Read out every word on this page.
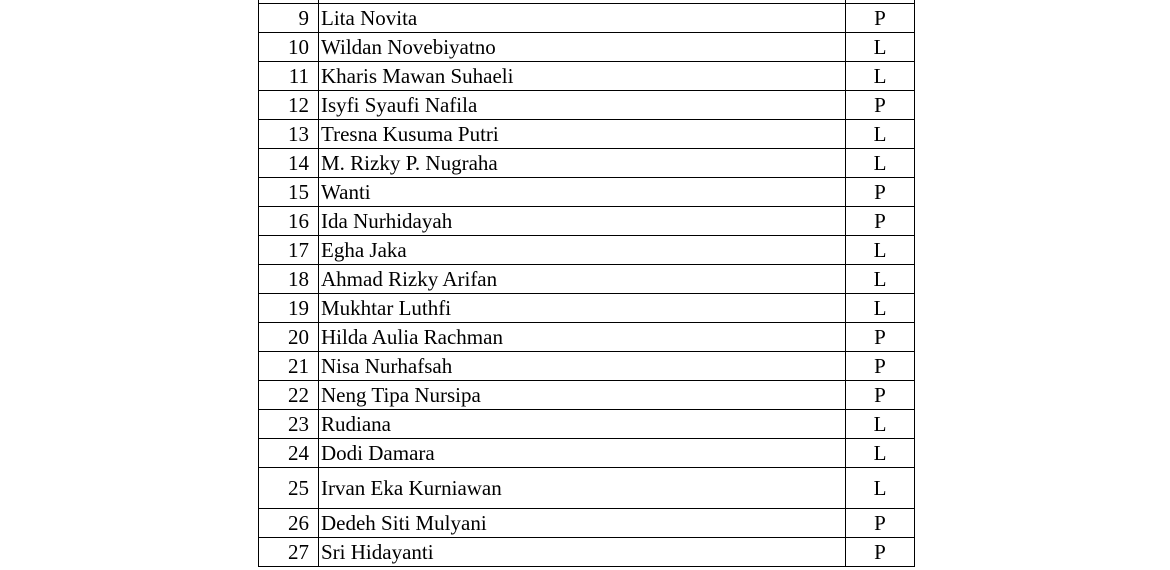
9	Lita Novita	P
10	Wildan Novebiyatno	L
11	Kharis Mawan Suhaeli	L
12	Isyfi Syaufi Nafila	P
13	Tresna Kusuma Putri	L
14	M. Rizky P. Nugraha	L
15	Wanti	P
16	Ida Nurhidayah	P
17	Egha Jaka	L
18	Ahmad Rizky Arifan	L
19	Mukhtar Luthfi	L
20	Hilda Aulia Rachman	P
21	Nisa Nurhafsah	P
22	Neng Tipa Nursipa	P
23	Rudiana	L
24	Dodi Damara	L
25	Irvan Eka Kurniawan	L
26	Dedeh Siti Mulyani	P
27	Sri Hidayanti	P
